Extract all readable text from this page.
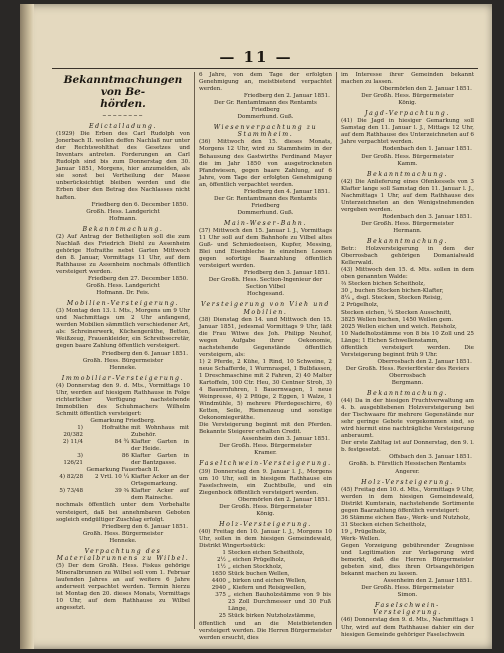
— 11 —
Bekanntmachungen von Be-
hörden.
~~~~~~~~
Edictalladung.

(1929) Die Erben des Carl Rudolph von Jonerbach II. wollen deffen Nachlaß nur unter der Rechtswohlthat des Gesetzes und Inventars antreten. Forderungen an Carl Rudolph sind bis zum Donnerstag den 30. Januar 1851, Morgens, hier anzumelden, als sie sonst bei Vertheilung der Masse unberücksichtigt bleiben werden und die Erben über den Betrag des Nachlasses nicht haften.

Friedberg den 6. December 1850.
Großh. Hess. Landgericht
Hofmann.
Bekanntmachung.

(2) Auf Antrag der Betheiligten soll die zum Nachlaß des Friedrich Diehl zu Assenheim gehörige Hofraithe nebst Garten Mittwoch den 8. Januar, Vormittags 11 Uhr, auf dem Rathhause zu Assenheim nochmals öffentlich versteigert werden.

Friedberg den 27. December 1850.
Großh. Hess. Landgericht
Hofmann. Dr. Feis.
Mobilien-Versteigerung.

(3) Montag den 13. l. Mts., Morgens um 9 Uhr und Nachmittags um 2 Uhr anfangend, werden Mobilien sämmtlich verschiedener Art, als: Schreinerwerk, Küchengeräthe, Betten, Weißzeug, Frauenkleider, ein Schreibsecretär, gegen baare Zahlung öffentlich versteigert.

Friedberg den 6. Januar 1851.
Großh. Hess. Bürgermeister
Henneke.
Immobiliar-Versteigerung.

(4) Donnerstag den 9. d. Mts., Vormittags 10 Uhr, werden auf hiesigem Rathhause in Folge richterlicher Verfügung nachstehende Immobilien des Schuhmachers Wilhelm Schmitt öffentlich versteigert:

Gemarkung Friedberg.
1) 20/382	Hofraithe	mit Wohnhaus mit Zubehör.
2) 11/4	84 ¾	Klafter Garten in der Heide.
3) 126/21	86	Klafter Garten in der Bantzgasse.
Gemarkung Fauerbach II.
4) 82/28	2 Vrtl. 10 ¼	Klafter Acker an der Ortsgemarkung.
5) 73/48	39 ⅜	Klafter Acker auf dem Rainsche.

nochmals öffentlich unter dem Vorbehalte versteigert, daß bei annehmbaren Geboten sogleich endgültiger Zuschlag erfolgt.

Friedberg den 6. Januar 1851.
Großh. Hess. Bürgermeister
Henneke.
Verpachtung des Materialbrunnens zu Wilbel.

(5) Der dem Großh. Hess. Fiskus gehörige Mineralbrunnen zu Wilbel soll vom 1. Februar laufenden Jahres an auf weitere 6 Jahre anderweit verpachtet werden. Termin hierzu ist Montag den 20. dieses Monats, Vormittags 10 Uhr, auf dem Rathhause zu Wilbel angesetzt.

6 Jahre, von dem Tage der erfolgten Genehmigung an, meistbietend verpachtet werden.

Friedberg den 2. Januar 1851.
Der Gr. Rentamtmann des Rentamts Friedberg
Dommerhund. Guß.
Wiesenverpachtung zu Stammheim.

(36) Mittwoch den 15. dieses Monats, Morgens 12 Uhr, wird zu Stammheim in der Behausung des Gastwirths Ferdinand Mayer die im Jahr 1850 von ausgetrockneten Pfandwiesen, gegen baare Zahlung, auf 6 Jahre, vom Tage der erfolgten Genehmigung an, öffentlich verpachtet werden.

Friedberg den 4. Januar 1851.
Der Gr. Rentamtmann des Rentamts Friedberg
Dommerhund. Guß.
Main-Weser-Bahn.

(37) Mittwoch den 15. Januar l. J., Vormittags 11 Uhr soll auf dem Bahnhofe zu Vilbel altes Guß- und Schmiedeeisen, Kupfer, Messing, Blei und Eisenbleche in einzelnen Loosen gegen sofortige Baarzahlung öffentlich versteigert werden.

Friedberg den 3. Januar 1851.
Der Großh. Hess. Section-Ingenieur der Section Vilbel
Hochgesand.
Versteigerung von Vieh und Mobilien.

(38) Dienstag den 14. und Mittwoch den 15. Januar 1851, jedesmal Vormittags 9 Uhr, läßt die Frau Witwe des Joh. Philipp Neuhof, wegen Aufgabe ihrer Oekonomie, nachstehende Gegenstände öffentlich versteigern, als:

1) 2 Pferde, 2 Kühe, 1 Rind, 10 Schweine, 2 neue Schafferde, 1 Wurmraspel, 1 Bulbfassen, 1 Dreschmaschine mit 2 Fahren, 2) 40 Malter Kartoffeln, 100 Ctr. Heu, 30 Centner Stroh, 3) 4 Bauernfuhren, 1 Bauernwagen, 1 neue Weinpresse, 4) 2 Pflüge, 2 Eggen, 1 Walze, 1 Windmühle, 5) mehrere Pferdegeschirre, 6) Ketten, Seile, Riemenzeug und sonstige Oekonomiegeräthe.

Die Versteigerung beginnt mit den Pferden. Bekannte Steigerer erhalten Credit.

Assenheim den 3. Januar 1851.
Der Großh. Hess. Bürgermeister
Kramer.
Faseltchwein-Versteigerung.

(39) Donnerstag den 9. Januar l. J., Morgens um 10 Uhr, soll in hiesigem Rathhause ein Faselschwein, ein Zuchtbulle, und ein Ziegenbock öffentlich versteigert werden.

Obermörlen den 2. Januar 1851.
Der Großh. Hess. Bürgermeister
König.
Holz-Versteigerung.

(40) Freitag den 10. Januar l. J., Morgens 10 Uhr, sollen in dem hiesigen Gemeindewald, Distrikt Wingertsstück:

1	Stecken eichen Scheitholz,
2½	„ eichen Prügelholz,
1½	„ eichen Stockholz,
1650	Stück buchen Wellen,
4400	„ birken und eichen Wellen,
2940	„ Kiefern und Reisigwellen,
375	„ eichen Bauholzstämme von 9 bis 23 Zoll Durchmesser und 30 Fuß Länge,
25	Stück birken Nutzholzstämme,

öffentlich und an die Meistbietenden versteigert werden. Die Herren Bürgermeister werden ersucht, dies

im Interesse ihrer Gemeinden bekannt machen zu lassen.

Obermörlen den 2. Januar 1851.
Der Großh. Hess. Bürgermeister
König.
Jagd-Verpachtung.

(41) Die Jagd in hiesiger Gemarkung soll Samstag den 11. Januar l. J., Mittags 12 Uhr, auf dem Rathhause des Unterzeichneten auf 6 Jahre verpachtet werden.

Rodenbach den 1. Januar 1851.
Der Großh. Hess. Bürgermeister
Kamm.
Bekanntmachung.

(42) Die Anlieferung eines Ofenkessels von 3 Klafter lange soll Samstag den 11. Januar l. J., Nachmittags 1 Uhr, auf dem Rathhause des Unterzeichneten an den Wenigstnehmenden vergeben werden.

Rodenbach den 3. Januar 1851.
Der Großh. Hess. Bürgermeister
Hermann.
Bekanntmachung.

Betr.: Holzversteigerung in dem der Oberrosbach gehörigen Domanialwald Kellerwald.

(43) Mittwoch den 15. d. Mts. sollen in dem oben genannten Walde:

⅔ Stecken bichen Scheitholz,
30 „ buchen Stocken bichen-Klafter,
8¼ „ dsgl. Stecken, Stecken Reisig,
2 Prügelholz,
Stecken eichen, ¼ Stecken Ausschnitt,
3825 Wellen buchen, 1450 Wellen gem.
2025 Wellen eichen und weich. Reisholz,
10 Nadelholzstämme von 8 bis 10 Zoll und 25 Länge; 1 Eichen Schwellenstamm,

öffentlich versteigert werden. Die Versteigerung beginnt früh 9 Uhr.

Oberrosbach den 2. Januar 1851.
Der Großh. Hess. Revierförster des Reviers Oberrosbach
Bergmann.
Bekanntmachung.

(44) Da in der hiesigen Fruchtverwaltung am 4. b. ausgebliebenen Holzversteigerung bei der Tischwaare für mehrere Gegenstände nur sehr geringe Gebote vorgekommen sind, so wird hiermit eine nachträgliche Versteigerung anberaumt.

Der erste Zahltag ist auf Donnerstag, den 9. l. b. festgesetzt.

Offsbach den 3. Januar 1851.
Großh. b. Fürstlich Hessischen Rentamts
Angerer.
Holz-Versteigerung.

(45) Freitag den 10. d. Mts., Vormittags 9 Uhr, werden in dem hiesigen Gemeindewald, Distrikt Kumtsrain, nachstehende Sortimente gegen Baarzahlung öffentlich versteigert:

36 Stämme eichen Bau-, Werk- und Nutzholz,
31 Stecken eichen Scheitholz,
19 „ Prügelholz,
Werk- Wellen.

Gegen Vorzeigung gebührender Zeugnisse und Legitimation zur Verlagerung wird bemerkt, daß die Herren Bürgermeister gebeten sind, dies ihren Ortsangehörigen bekannt machen zu lassen.

Assenheim den 2. Januar 1851.
Der Großh. Hess. Bürgermeister
Simon.
Faselschwein-Versteigerung.

(46) Donnerstag den 9. d. Mts., Nachmittags 1 Uhr, wird auf dem Rathhause dahier ein der hiesigen Gemeinde gehöriger Faselschwein
